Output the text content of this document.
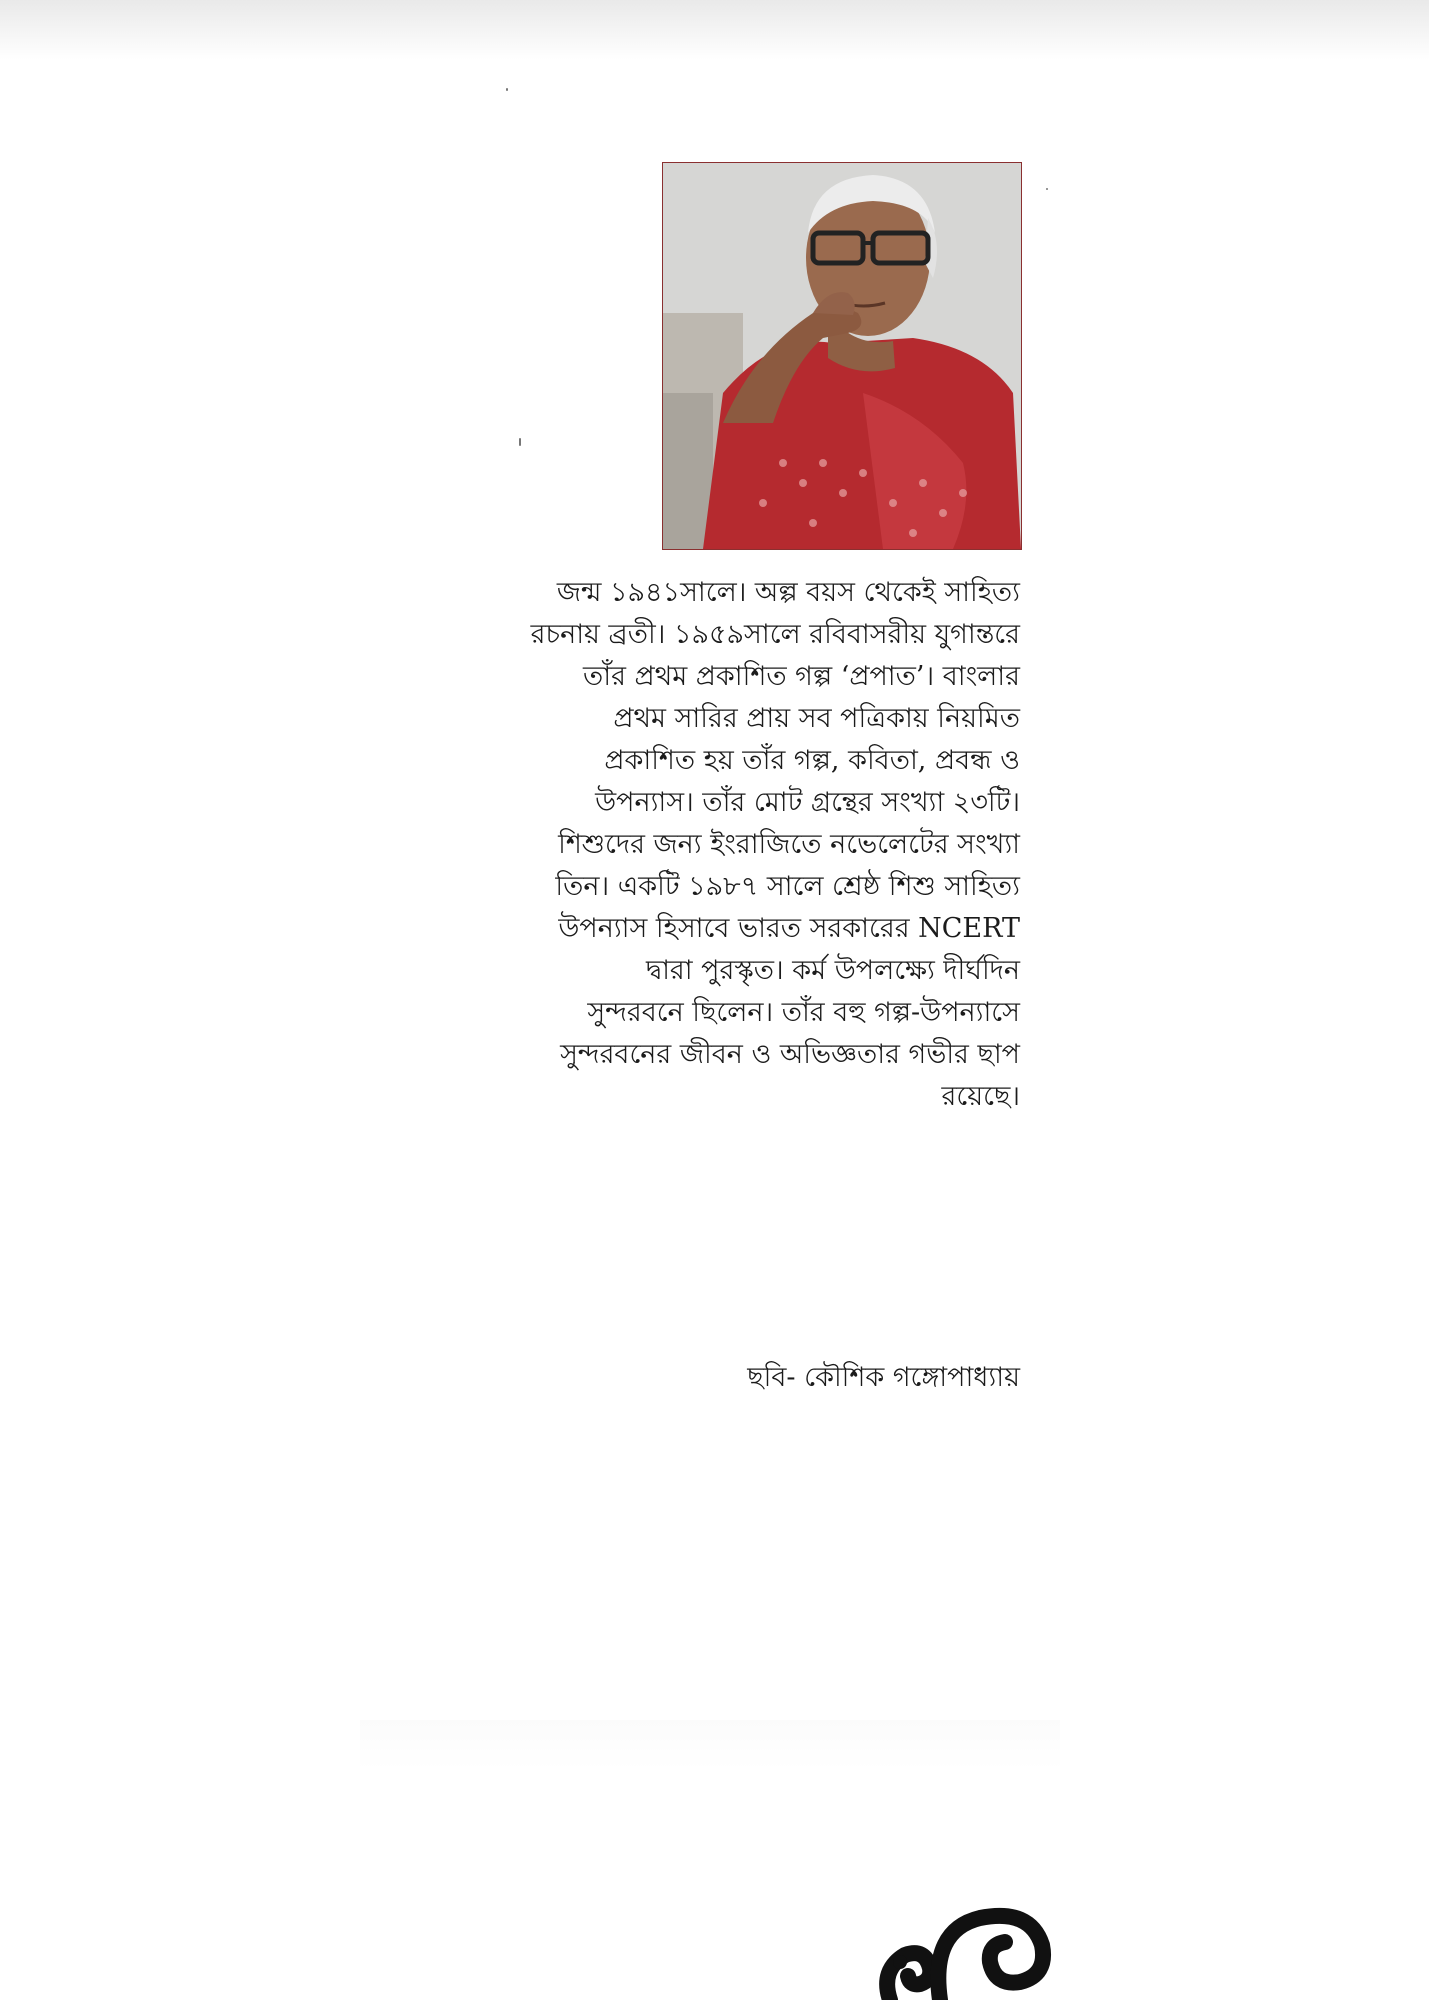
জন্ম ১৯৪১সালে। অল্প বয়স থেকেই সাহিত্য
রচনায় ব্রতী। ১৯৫৯সালে রবিবাসরীয় যুগান্তরে
তাঁর প্রথম প্রকাশিত গল্প ‘প্রপাত’। বাংলার
প্রথম সারির প্রায় সব পত্রিকায় নিয়মিত
প্রকাশিত হয় তাঁর গল্প, কবিতা, প্রবন্ধ ও
উপন্যাস। তাঁর মোট গ্রন্থের সংখ্যা ২৩টি।
শিশুদের জন্য ইংরাজিতে নভেলেটের সংখ্যা
তিন। একটি ১৯৮৭ সালে শ্রেষ্ঠ শিশু সাহিত্য
উপন্যাস হিসাবে ভারত সরকারের NCERT
দ্বারা পুরস্কৃত। কর্ম উপলক্ষ্যে দীর্ঘদিন
সুন্দরবনে ছিলেন। তাঁর বহু গল্প-উপন্যাসে
সুন্দরবনের জীবন ও অভিজ্ঞতার গভীর ছাপ
রয়েছে।
ছবি- কৌশিক গঙ্গোপাধ্যায়
